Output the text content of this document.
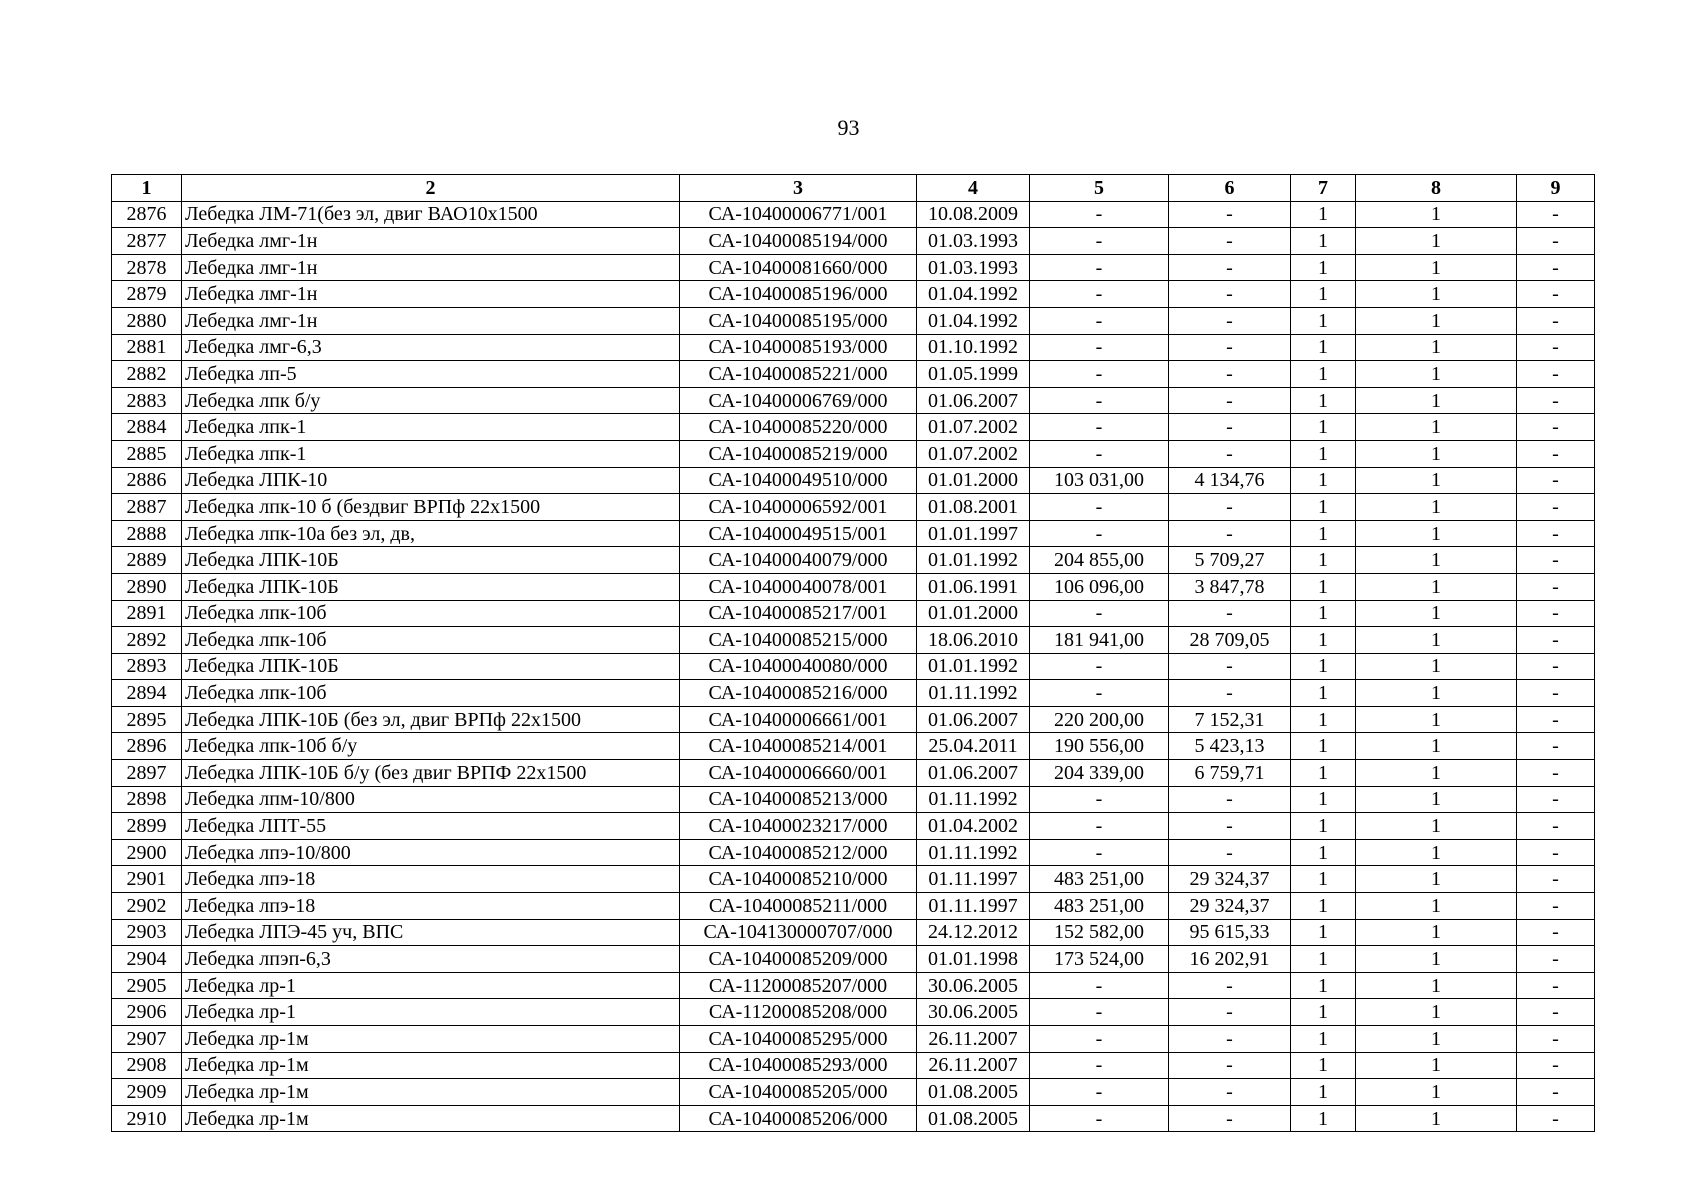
93
1	2	3	4	5	6	7	8	9
2876	Лебедка ЛМ-71(без эл, двиг ВАО10х1500	СА-10400006771/001	10.08.2009	-	-	1	1	-
2877	Лебедка лмг-1н	СА-10400085194/000	01.03.1993	-	-	1	1	-
2878	Лебедка лмг-1н	СА-10400081660/000	01.03.1993	-	-	1	1	-
2879	Лебедка лмг-1н	СА-10400085196/000	01.04.1992	-	-	1	1	-
2880	Лебедка лмг-1н	СА-10400085195/000	01.04.1992	-	-	1	1	-
2881	Лебедка лмг-6,3	СА-10400085193/000	01.10.1992	-	-	1	1	-
2882	Лебедка лп-5	СА-10400085221/000	01.05.1999	-	-	1	1	-
2883	Лебедка лпк б/у	СА-10400006769/000	01.06.2007	-	-	1	1	-
2884	Лебедка лпк-1	СА-10400085220/000	01.07.2002	-	-	1	1	-
2885	Лебедка лпк-1	СА-10400085219/000	01.07.2002	-	-	1	1	-
2886	Лебедка ЛПК-10	СА-10400049510/000	01.01.2000	103 031,00	4 134,76	1	1	-
2887	Лебедка лпк-10 б (бездвиг ВРПф 22х1500	СА-10400006592/001	01.08.2001	-	-	1	1	-
2888	Лебедка лпк-10а без эл, дв,	СА-10400049515/001	01.01.1997	-	-	1	1	-
2889	Лебедка ЛПК-10Б	СА-10400040079/000	01.01.1992	204 855,00	5 709,27	1	1	-
2890	Лебедка ЛПК-10Б	СА-10400040078/001	01.06.1991	106 096,00	3 847,78	1	1	-
2891	Лебедка лпк-10б	СА-10400085217/001	01.01.2000	-	-	1	1	-
2892	Лебедка лпк-10б	СА-10400085215/000	18.06.2010	181 941,00	28 709,05	1	1	-
2893	Лебедка ЛПК-10Б	СА-10400040080/000	01.01.1992	-	-	1	1	-
2894	Лебедка лпк-10б	СА-10400085216/000	01.11.1992	-	-	1	1	-
2895	Лебедка ЛПК-10Б (без эл, двиг ВРПф 22х1500	СА-10400006661/001	01.06.2007	220 200,00	7 152,31	1	1	-
2896	Лебедка лпк-10б б/у	СА-10400085214/001	25.04.2011	190 556,00	5 423,13	1	1	-
2897	Лебедка ЛПК-10Б б/у (без двиг ВРПФ 22х1500	СА-10400006660/001	01.06.2007	204 339,00	6 759,71	1	1	-
2898	Лебедка лпм-10/800	СА-10400085213/000	01.11.1992	-	-	1	1	-
2899	Лебедка ЛПТ-55	СА-10400023217/000	01.04.2002	-	-	1	1	-
2900	Лебедка лпэ-10/800	СА-10400085212/000	01.11.1992	-	-	1	1	-
2901	Лебедка лпэ-18	СА-10400085210/000	01.11.1997	483 251,00	29 324,37	1	1	-
2902	Лебедка лпэ-18	СА-10400085211/000	01.11.1997	483 251,00	29 324,37	1	1	-
2903	Лебедка ЛПЭ-45 уч, ВПС	СА-104130000707/000	24.12.2012	152 582,00	95 615,33	1	1	-
2904	Лебедка лпэп-6,3	СА-10400085209/000	01.01.1998	173 524,00	16 202,91	1	1	-
2905	Лебедка лр-1	СА-11200085207/000	30.06.2005	-	-	1	1	-
2906	Лебедка лр-1	СА-11200085208/000	30.06.2005	-	-	1	1	-
2907	Лебедка лр-1м	СА-10400085295/000	26.11.2007	-	-	1	1	-
2908	Лебедка лр-1м	СА-10400085293/000	26.11.2007	-	-	1	1	-
2909	Лебедка лр-1м	СА-10400085205/000	01.08.2005	-	-	1	1	-
2910	Лебедка лр-1м	СА-10400085206/000	01.08.2005	-	-	1	1	-
